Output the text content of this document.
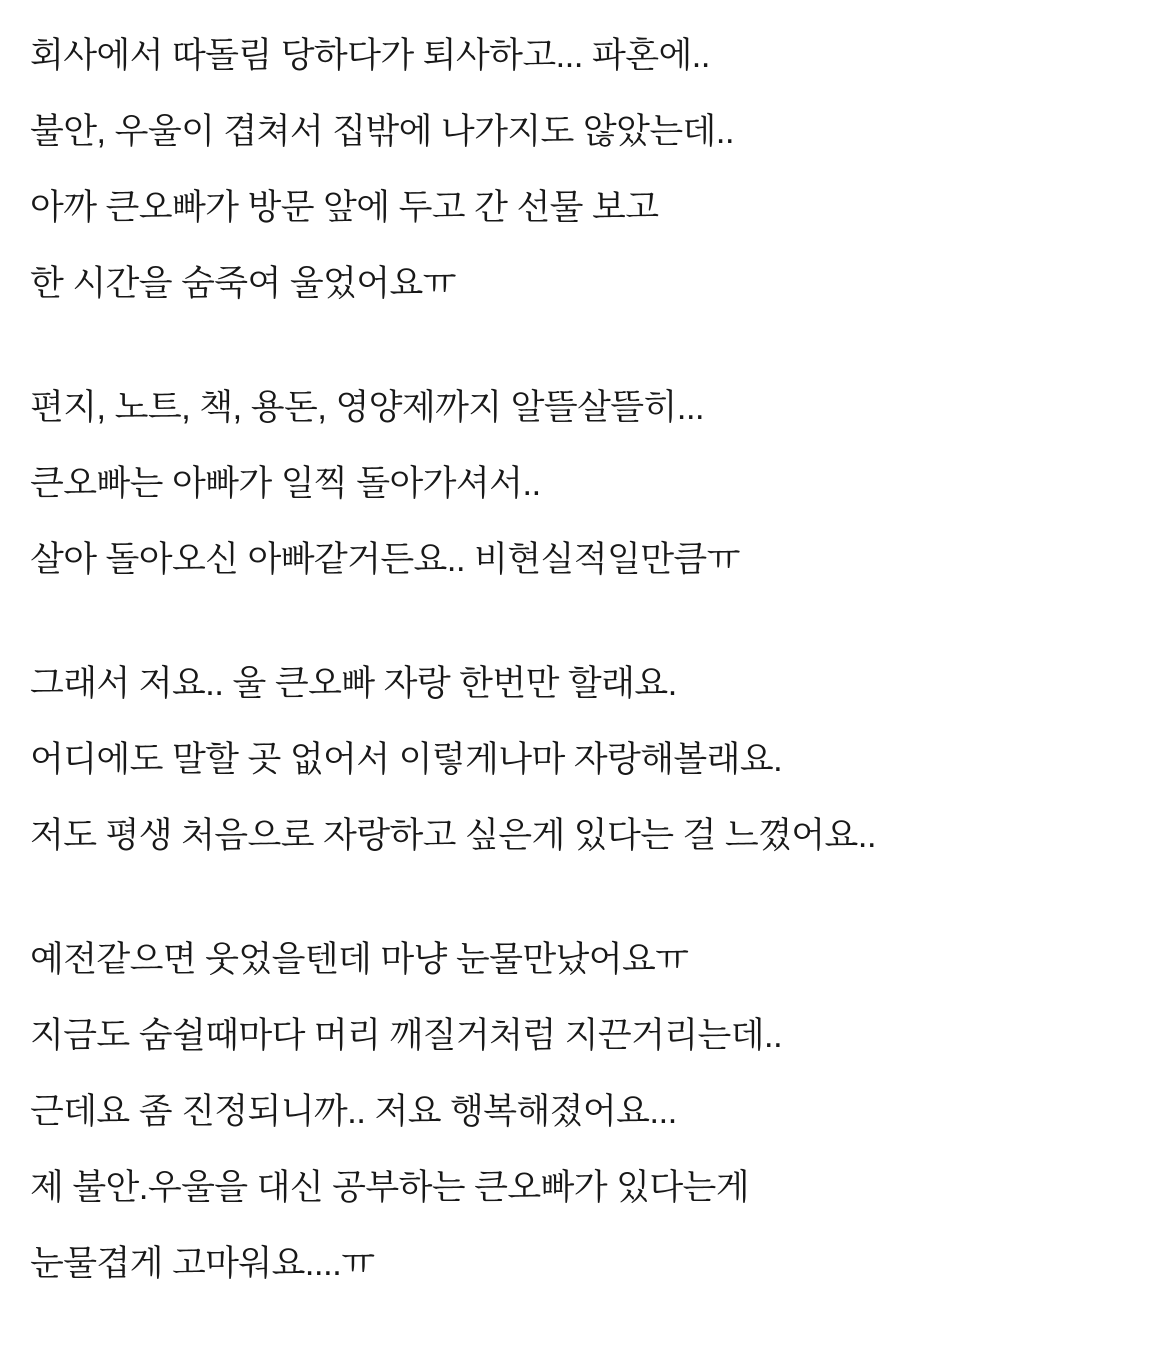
회사에서 따돌림 당하다가 퇴사하고... 파혼에..
불안, 우울이 겹쳐서 집밖에 나가지도 않았는데..
아까 큰오빠가 방문 앞에 두고 간 선물 보고
한 시간을 숨죽여 울었어요ㅠ
편지, 노트, 책, 용돈, 영양제까지 알뜰살뜰히...
큰오빠는 아빠가 일찍 돌아가셔서..
살아 돌아오신 아빠같거든요.. 비현실적일만큼ㅠ
그래서 저요.. 울 큰오빠 자랑 한번만 할래요.
어디에도 말할 곳 없어서 이렇게나마 자랑해볼래요.
저도 평생 처음으로 자랑하고 싶은게 있다는 걸 느꼈어요..
예전같으면 웃었을텐데 마냥 눈물만났어요ㅠ
지금도 숨쉴때마다 머리 깨질거처럼 지끈거리는데..
근데요 좀 진정되니까.. 저요 행복해졌어요...
제 불안.우울을 대신 공부하는 큰오빠가 있다는게
눈물겹게 고마워요....ㅠ
